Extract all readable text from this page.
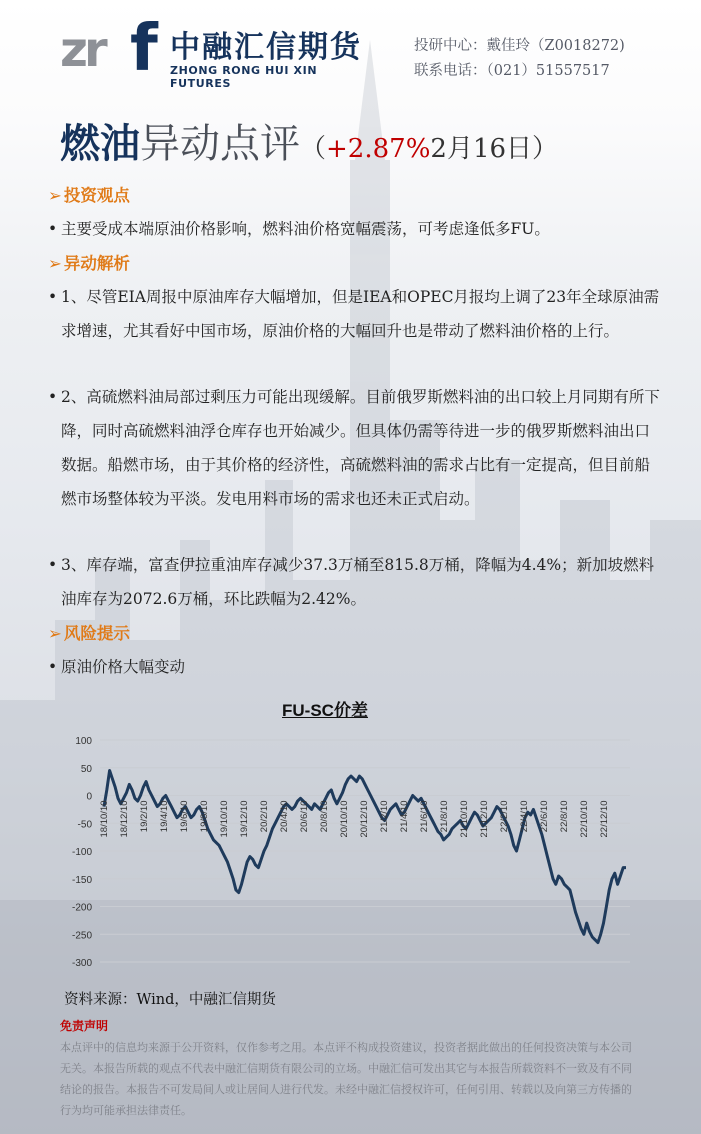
zr f 中融汇信期货
ZHONG RONG HUI XIN FUTURES
投研中心：戴佳玲（Z0018272)
联系电话：（021）51557517
燃油异动点评（+2.87%2月16日）
➢ 投资观点
• 主要受成本端原油价格影响，燃料油价格宽幅震荡，可考虑逢低多FU。
➢ 异动解析
• 1、尽管EIA周报中原油库存大幅增加，但是IEA和OPEC月报均上调了23年全球原油需求增速，尤其看好中国市场，原油价格的大幅回升也是带动了燃料油价格的上行。
• 2、高硫燃料油局部过剩压力可能出现缓解。目前俄罗斯燃料油的出口较上月同期有所下降，同时高硫燃料油浮仓库存也开始减少。但具体仍需等待进一步的俄罗斯燃料油出口数据。船燃市场，由于其价格的经济性，高硫燃料油的需求占比有一定提高，但目前船燃市场整体较为平淡。发电用料市场的需求也还未正式启动。
• 3、库存端，富查伊拉重油库存减少37.3万桶至815.8万桶，降幅为4.4%；新加坡燃料油库存为2072.6万桶，环比跌幅为2.42%。
➢ 风险提示
• 原油价格大幅变动
FU-SC价差
100
50
0
-50
-100
-150
-200
-250
-300
18/10/10 18/12/10 19/2/10 19/4/10 19/6/10 19/8/10 19/10/10 19/12/10 20/2/10 20/4/10 20/6/10 20/8/10 20/10/10 20/12/10 21/2/10 21/4/10 21/6/10 21/8/10 21/10/10 21/12/10 22/2/10 22/4/10 22/6/10 22/8/10 22/10/10 22/12/10
资料来源：Wind，中融汇信期货
免责声明
本点评中的信息均来源于公开资料，仅作参考之用。本点评不构成投资建议，投资者据此做出的任何投资决策与本公司无关。本报告所载的观点不代表中融汇信期货有限公司的立场。中融汇信可发出其它与本报告所载资料不一致及有不同结论的报告。本报告不可发局间人或让居间人进行代发。未经中融汇信授权许可，任何引用、转载以及向第三方传播的行为均可能承担法律责任。
